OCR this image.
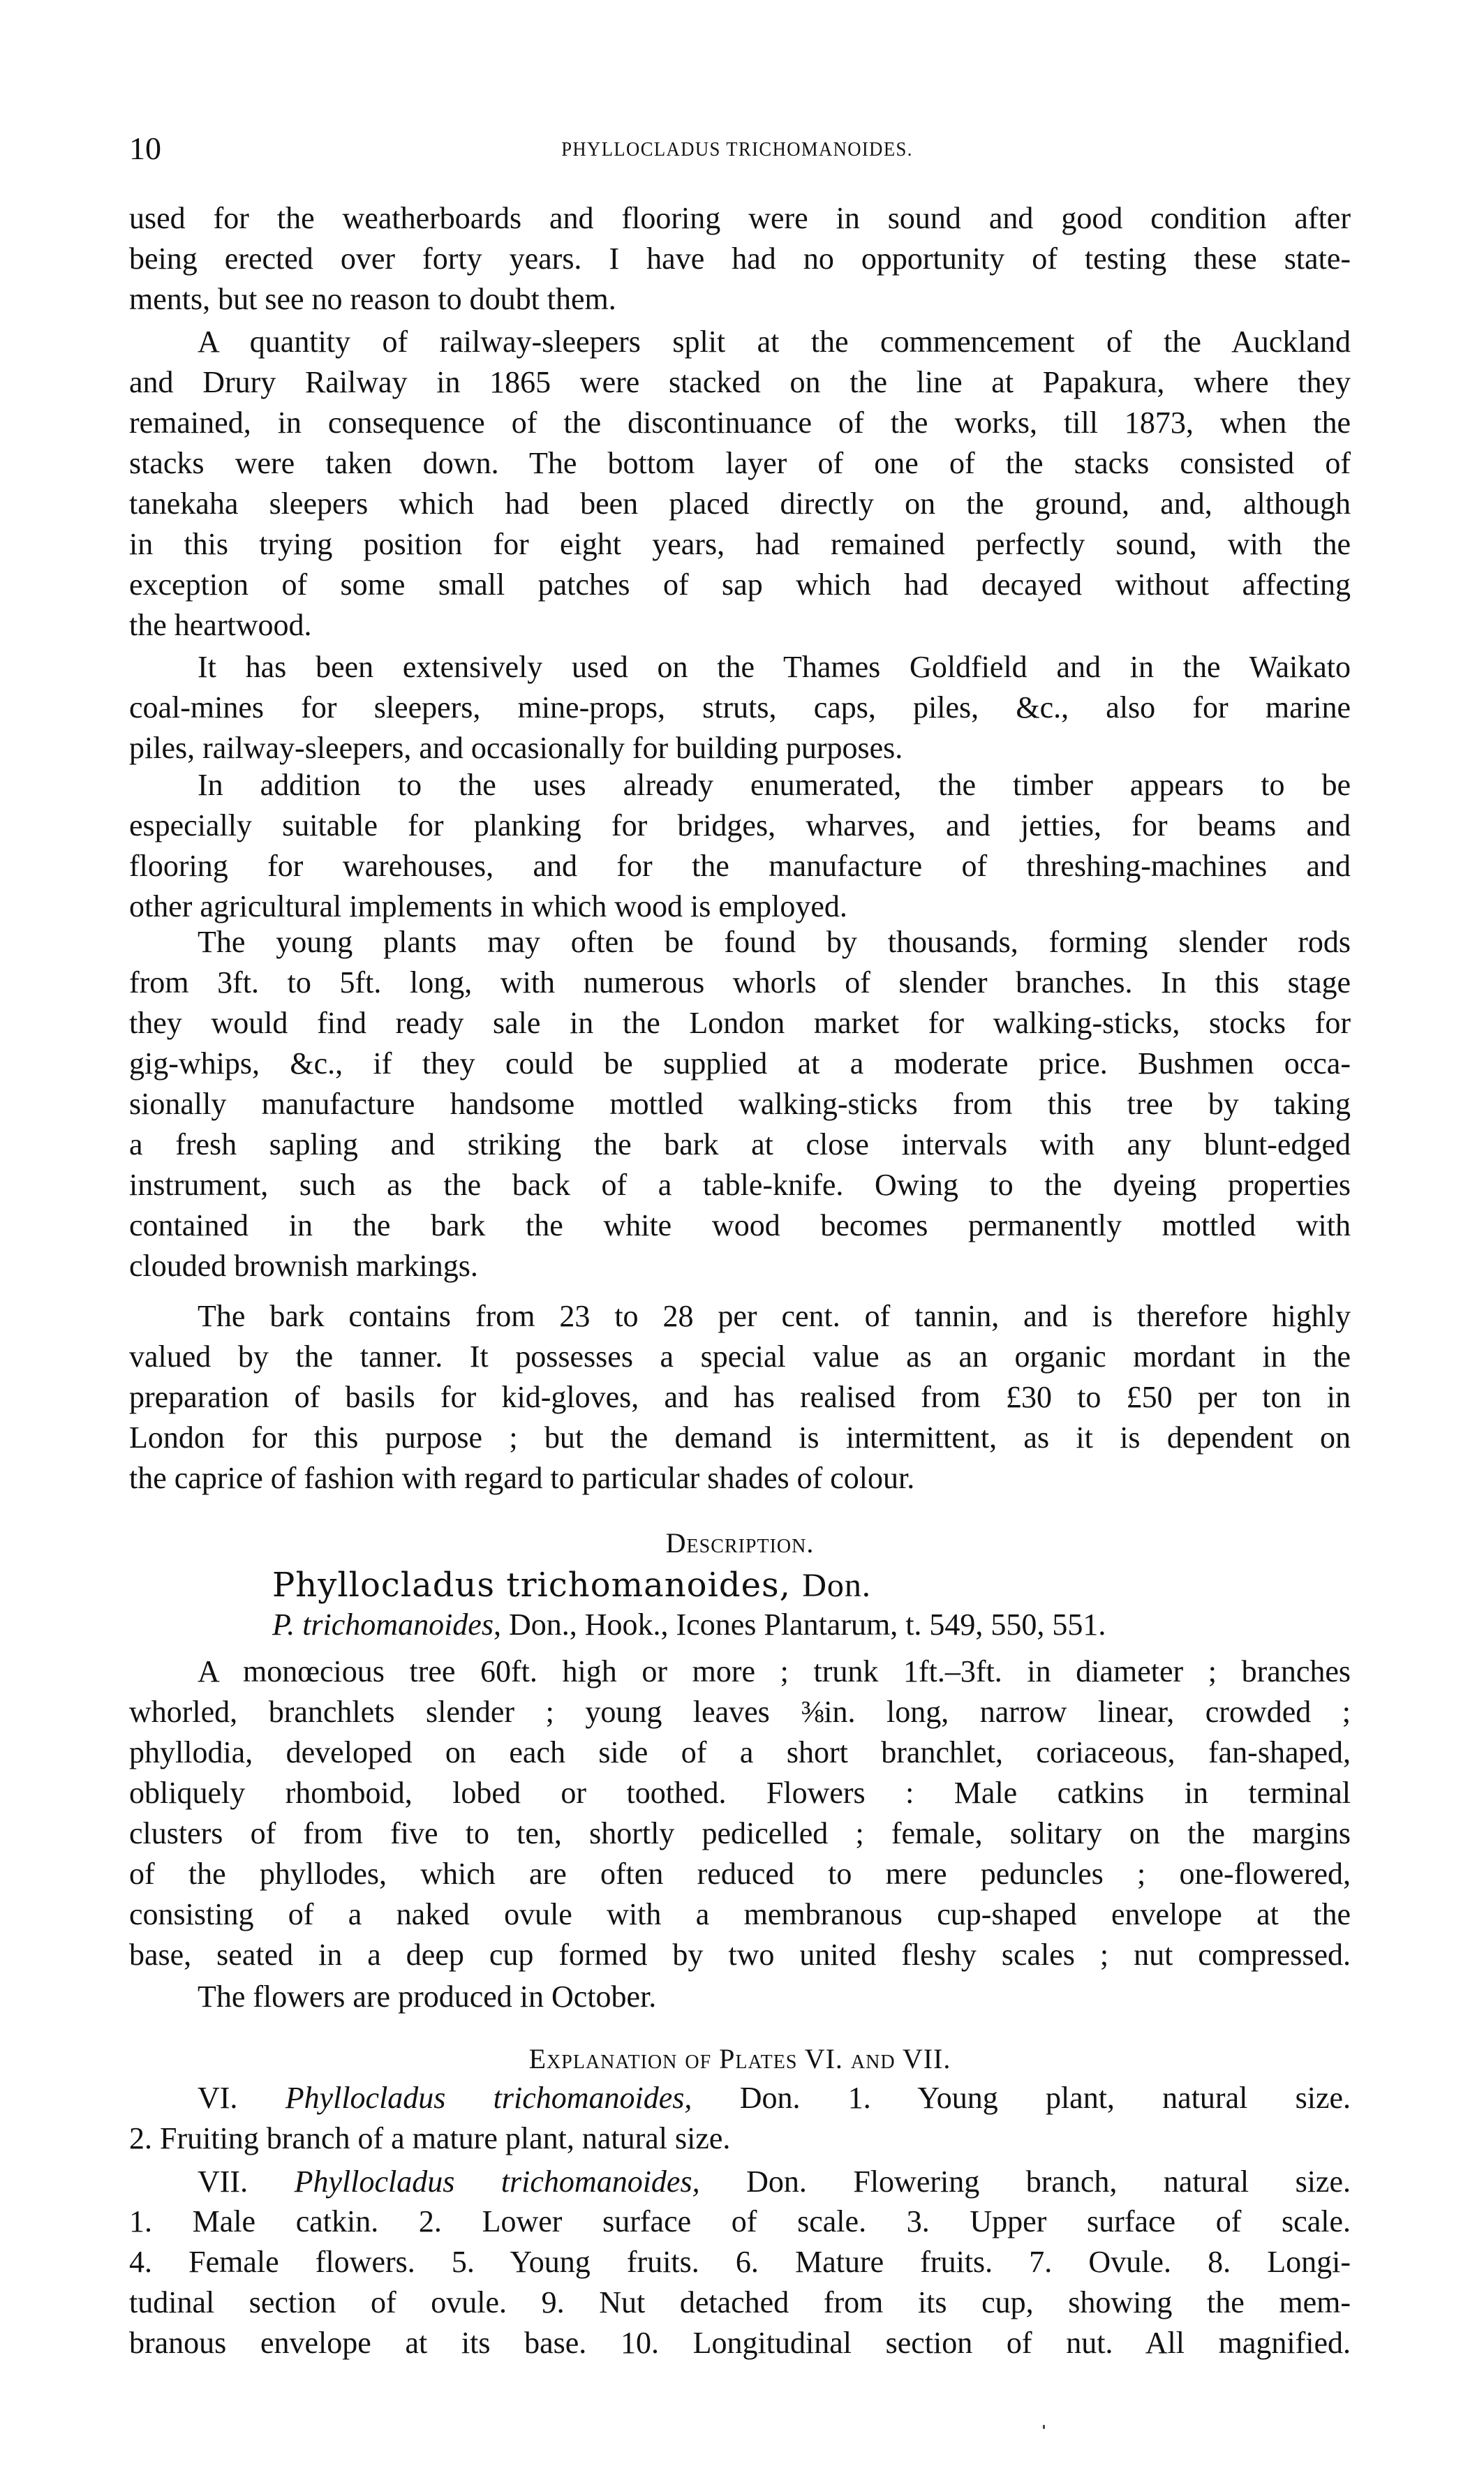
10	PHYLLOCLADUS TRICHOMANOIDES.
used for the weatherboards and flooring were in sound and good condition after
being erected over forty years. I have had no opportunity of testing these state-
ments, but see no reason to doubt them.
A quantity of railway-sleepers split at the commencement of the Auckland
and Drury Railway in 1865 were stacked on the line at Papakura, where they
remained, in consequence of the discontinuance of the works, till 1873, when the
stacks were taken down. The bottom layer of one of the stacks consisted of
tanekaha sleepers which had been placed directly on the ground, and, although
in this trying position for eight years, had remained perfectly sound, with the
exception of some small patches of sap which had decayed without affecting
the heartwood.
It has been extensively used on the Thames Goldfield and in the Waikato
coal-mines for sleepers, mine-props, struts, caps, piles, &c., also for marine
piles, railway-sleepers, and occasionally for building purposes.
In addition to the uses already enumerated, the timber appears to be
especially suitable for planking for bridges, wharves, and jetties, for beams and
flooring for warehouses, and for the manufacture of threshing-machines and
other agricultural implements in which wood is employed.
The young plants may often be found by thousands, forming slender rods
from 3ft. to 5ft. long, with numerous whorls of slender branches. In this stage
they would find ready sale in the London market for walking-sticks, stocks for
gig-whips, &c., if they could be supplied at a moderate price. Bushmen occa-
sionally manufacture handsome mottled walking-sticks from this tree by taking
a fresh sapling and striking the bark at close intervals with any blunt-edged
instrument, such as the back of a table-knife. Owing to the dyeing properties
contained in the bark the white wood becomes permanently mottled with
clouded brownish markings.
The bark contains from 23 to 28 per cent. of tannin, and is therefore highly
valued by the tanner. It possesses a special value as an organic mordant in the
preparation of basils for kid-gloves, and has realised from £30 to £50 per ton in
London for this purpose ; but the demand is intermittent, as it is dependent on
the caprice of fashion with regard to particular shades of colour.
Description.
Phyllocladus trichomanoides, Don.
P. trichomanoides, Don., Hook., Icones Plantarum, t. 549, 550, 551.
A monœcious tree 60ft. high or more ; trunk 1ft.–3ft. in diameter ; branches
whorled, branchlets slender ; young leaves ⅜in. long, narrow linear, crowded ;
phyllodia, developed on each side of a short branchlet, coriaceous, fan-shaped,
obliquely rhomboid, lobed or toothed. Flowers : Male catkins in terminal
clusters of from five to ten, shortly pedicelled ; female, solitary on the margins
of the phyllodes, which are often reduced to mere peduncles ; one-flowered,
consisting of a naked ovule with a membranous cup-shaped envelope at the
base, seated in a deep cup formed by two united fleshy scales ; nut compressed.
The flowers are produced in October.
Explanation of Plates VI. and VII.
VI. Phyllocladus trichomanoides, Don. 1. Young plant, natural size.
2. Fruiting branch of a mature plant, natural size.
VII. Phyllocladus trichomanoides, Don. Flowering branch, natural size.
1. Male catkin. 2. Lower surface of scale. 3. Upper surface of scale.
4. Female flowers. 5. Young fruits. 6. Mature fruits. 7. Ovule. 8. Longi-
tudinal section of ovule. 9. Nut detached from its cup, showing the mem-
branous envelope at its base. 10. Longitudinal section of nut. All magnified.
